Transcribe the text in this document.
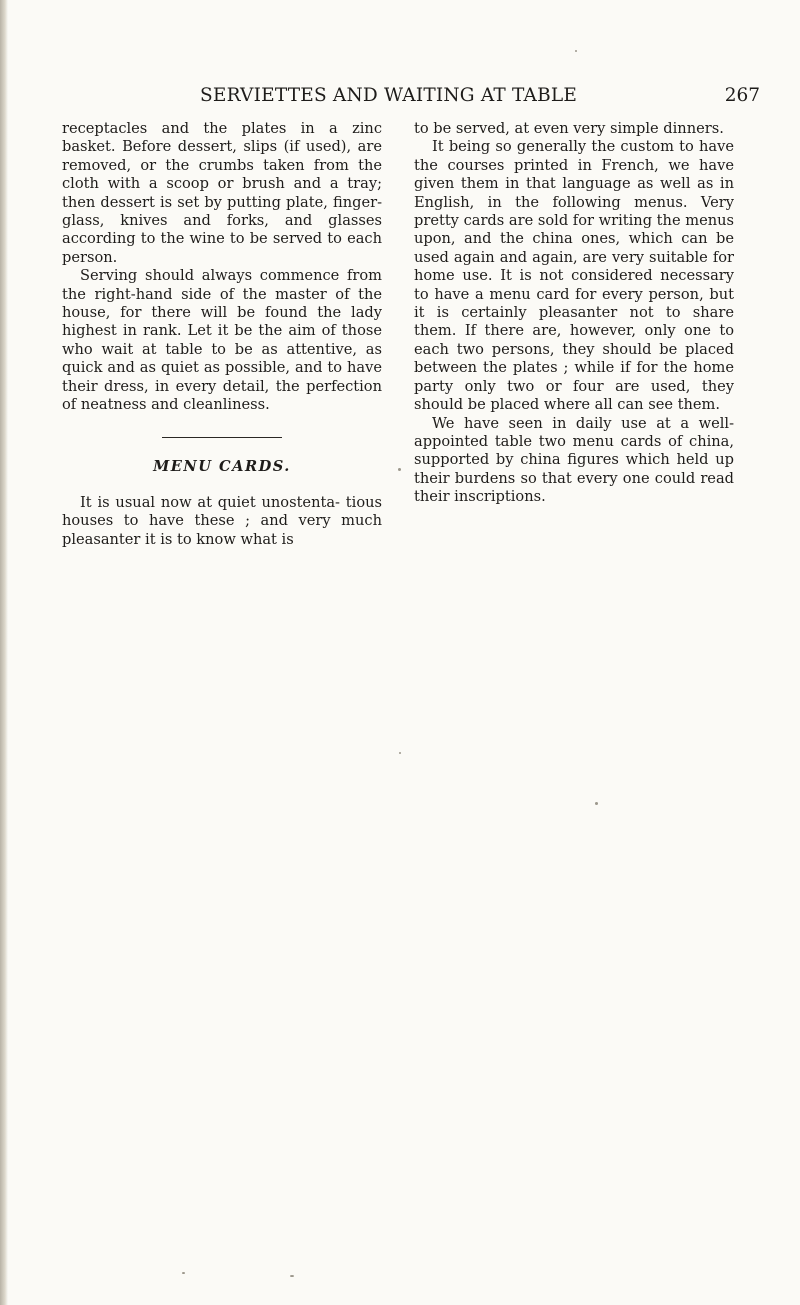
SERVIETTES AND WAITING AT TABLE	267

receptacles and the plates in a zinc basket. Before dessert, slips (if used), are removed, or the crumbs taken from the cloth with a scoop or brush and a tray; then dessert is set by putting plate, finger-glass, knives and forks, and glasses according to the wine to be served to each person.

Serving should always commence from the right-hand side of the master of the house, for there will be found the lady highest in rank. Let it be the aim of those who wait at table to be as attentive, as quick and as quiet as possible, and to have their dress, in every detail, the perfection of neatness and cleanliness.

MENU CARDS.

It is usual now at quiet unostenta- tious houses to have these ; and very much pleasanter it is to know what is

to be served, at even very simple dinners.

It being so generally the custom to have the courses printed in French, we have given them in that language as well as in English, in the following menus. Very pretty cards are sold for writing the menus upon, and the china ones, which can be used again and again, are very suitable for home use. It is not considered necessary to have a menu card for every person, but it is certainly pleasanter not to share them. If there are, however, only one to each two persons, they should be placed between the plates ; while if for the home party only two or four are used, they should be placed where all can see them.

We have seen in daily use at a well- appointed table two menu cards of china, supported by china figures which held up their burdens so that every one could read their inscriptions.
